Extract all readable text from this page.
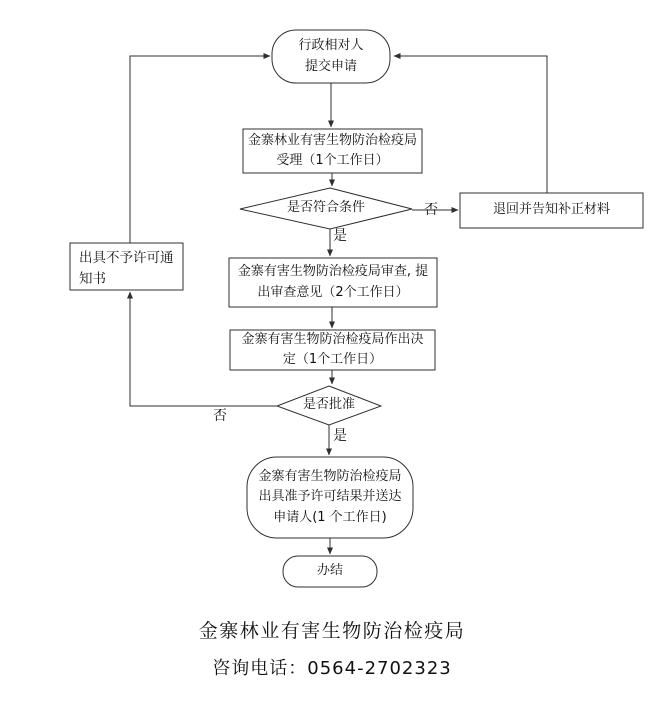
行政相对人
提交申请
金寨林业有害生物防治检疫局
受理（1个工作日）
是否符合条件	退回并告知补正材料
金寨有害生物防治检疫局审查, 提
出审查意见（2个工作日）
金寨有害生物防治检疫局作出决
定（1个工作日）
是否批准
出具不予许可通
知书
金寨有害生物防治检疫局
出具准予许可结果并送达
申请人(1 个工作日)
办结
否
是
否
是
金寨林业有害生物防治检疫局
咨询电话：0564-2702323
